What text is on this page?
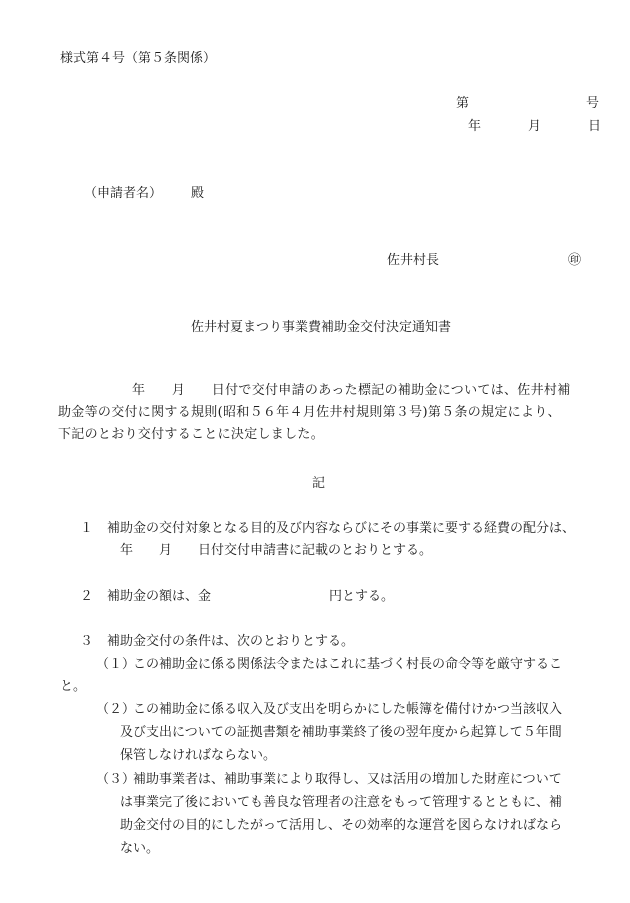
様式第４号（第５条関係）
第	号
年	月	日
（申請者名） 殿
佐井村長	㊞
佐井村夏まつり事業費補助金交付決定通知書
年　　月　　日付で交付申請のあった標記の補助金については、佐井村補
助金等の交付に関する規則(昭和５６年４月佐井村規則第３号)第５条の規定により、
下記のとおり交付することに決定しました。
記
１ 補助金の交付対象となる目的及び内容ならびにその事業に要する経費の配分は、
年　　月　　日付交付申請書に記載のとおりとする。
２ 補助金の額は、金	円とする。
３ 補助金交付の条件は、次のとおりとする。
（１）
この補助金に係る関係法令またはこれに基づく村長の命令等を厳守するこ
と。
（２）
この補助金に係る収入及び支出を明らかにした帳簿を備付けかつ当該収入
及び支出についての証拠書類を補助事業終了後の翌年度から起算して５年間
保管しなければならない。
（３）
補助事業者は、補助事業により取得し、又は活用の増加した財産について
は事業完了後においても善良な管理者の注意をもって管理するとともに、補
助金交付の目的にしたがって活用し、その効率的な運営を図らなければなら
ない。
